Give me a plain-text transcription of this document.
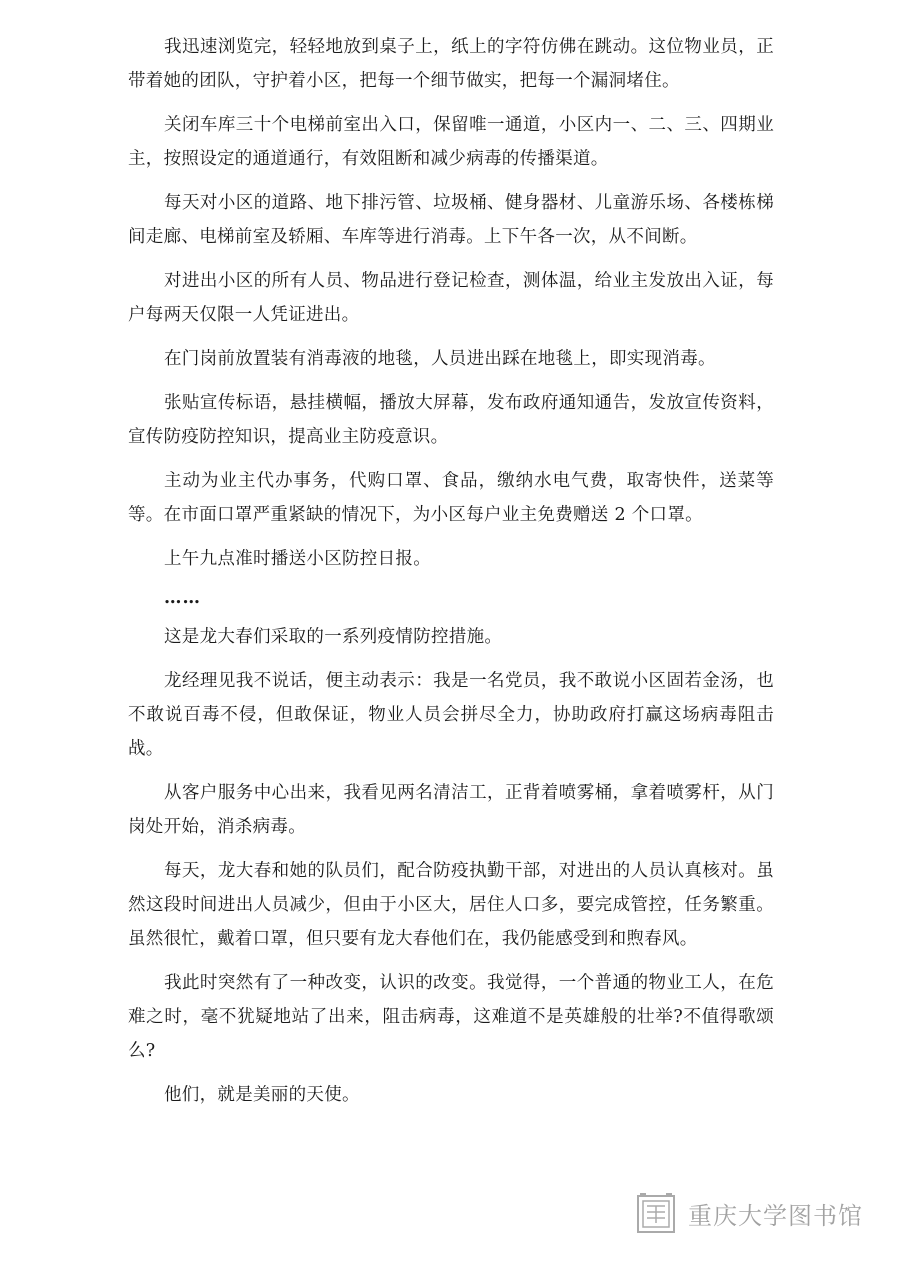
我迅速浏览完，轻轻地放到桌子上，纸上的字符仿佛在跳动。这位物业员，正带着她的团队，守护着小区，把每一个细节做实，把每一个漏洞堵住。

关闭车库三十个电梯前室出入口，保留唯一通道，小区内一、二、三、四期业主，按照设定的通道通行，有效阻断和减少病毒的传播渠道。

每天对小区的道路、地下排污管、垃圾桶、健身器材、儿童游乐场、各楼栋梯间走廊、电梯前室及轿厢、车库等进行消毒。上下午各一次，从不间断。

对进出小区的所有人员、物品进行登记检查，测体温，给业主发放出入证，每户每两天仅限一人凭证进出。

在门岗前放置装有消毒液的地毯，人员进出踩在地毯上，即实现消毒。

张贴宣传标语，悬挂横幅，播放大屏幕，发布政府通知通告，发放宣传资料，宣传防疫防控知识，提高业主防疫意识。

主动为业主代办事务，代购口罩、食品，缴纳水电气费，取寄快件，送菜等等。在市面口罩严重紧缺的情况下，为小区每户业主免费赠送 2 个口罩。

上午九点准时播送小区防控日报。

……

这是龙大春们采取的一系列疫情防控措施。

龙经理见我不说话，便主动表示：我是一名党员，我不敢说小区固若金汤，也不敢说百毒不侵，但敢保证，物业人员会拼尽全力，协助政府打赢这场病毒阻击战。

从客户服务中心出来，我看见两名清洁工，正背着喷雾桶，拿着喷雾杆，从门岗处开始，消杀病毒。

每天，龙大春和她的队员们，配合防疫执勤干部，对进出的人员认真核对。虽然这段时间进出人员减少，但由于小区大，居住人口多，要完成管控，任务繁重。虽然很忙，戴着口罩，但只要有龙大春他们在，我仍能感受到和煦春风。

我此时突然有了一种改变，认识的改变。我觉得，一个普通的物业工人，在危难之时，毫不犹疑地站了出来，阻击病毒，这难道不是英雄般的壮举?不值得歌颂么?

他们，就是美丽的天使。

重庆大学图书馆
